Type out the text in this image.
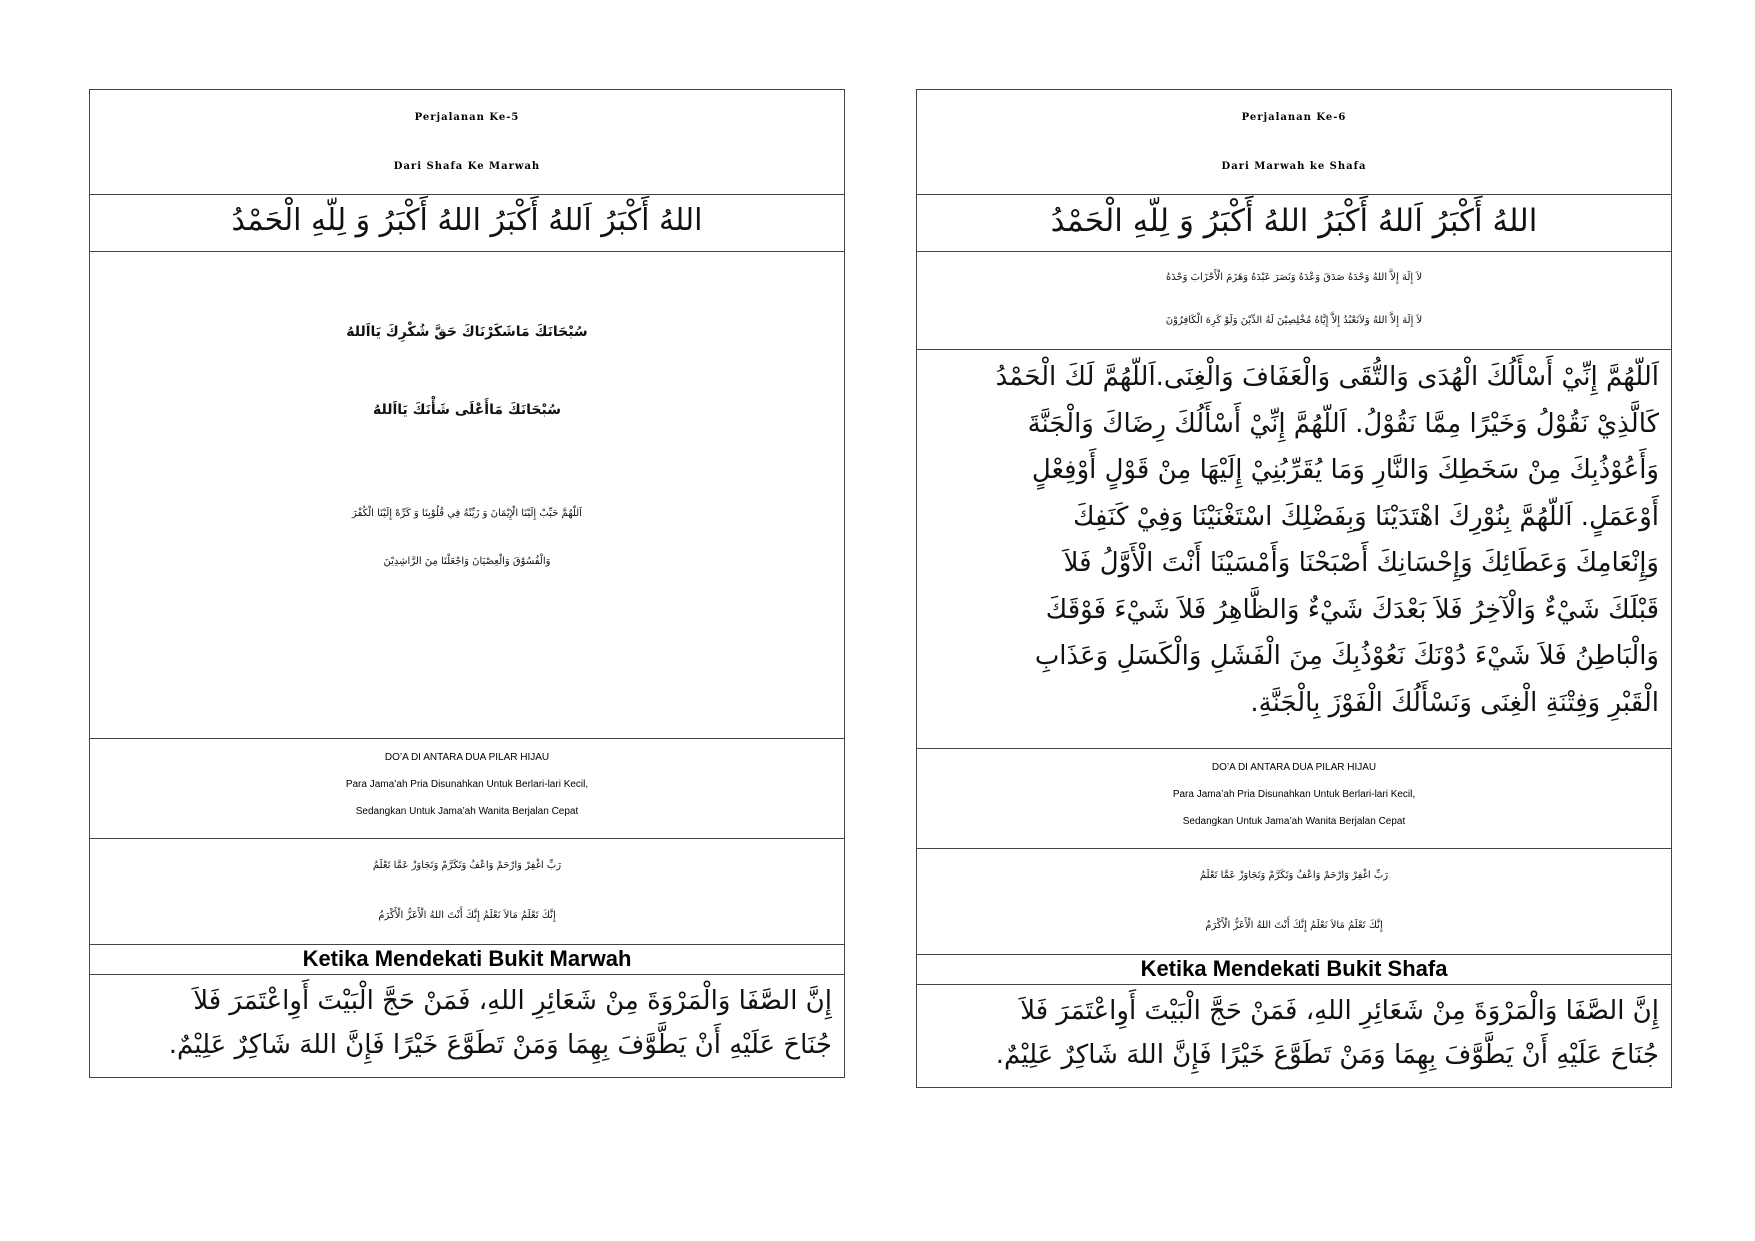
Perjalanan Ke-5
Dari Shafa Ke Marwah
اللهُ أَكْبَرُ اَللهُ أَكْبَرُ اللهُ أَكْبَرُ وَ لِلّهِ الْحَمْدُ
سُبْحَانَكَ مَاشَكَرْنَاكَ حَقَّ شُكْرِكَ يَااَللهُ
سُبْحَانَكَ مَاأَعْلَى شَأْنَكَ يَااَللهُ
اَللّهُمَّ حَبِّبْ إِلَيْنَا الْإِيْمَانَ وَ زَيِّنْهُ فِي قُلُوْبِنَا وَ كَرِّهْ إِلَيْنَا الْكُفْرَ
وَالْفُسُوْقَ وَالْعِصْيَانَ وَاجْعَلْنَا مِنَ الرَّاشِدِيْنَ
DO’A DI ANTARA DUA PILAR HIJAU
Para Jama’ah Pria Disunahkan Untuk Berlari-lari Kecil,
Sedangkan Untuk Jama’ah Wanita Berjalan Cepat
رَبِّ اغْفِرْ وَارْحَمْ وَاعْفُ وَتَكَرَّمْ وَتَجَاوَزْ عَمَّا تَعْلَمُ
إِنَّكَ تَعْلَمُ مَالاَ نَعْلَمُ إِنَّكَ أَنْتَ اللهُ الْأَعَزُّ الْأَكْرَمُ
Ketika Mendekati Bukit Marwah
إِنَّ الصَّفَا وَالْمَرْوَةَ مِنْ شَعَائِرِ اللهِ، فَمَنْ حَجَّ الْبَيْتَ أَوِاعْتَمَرَ فَلاَ
جُنَاحَ عَلَيْهِ أَنْ يَطَّوَّفَ بِهِمَا وَمَنْ تَطَوَّعَ خَيْرًا فَإِنَّ اللهَ شَاكِرٌ عَلِيْمٌ.
Perjalanan Ke-6
Dari Marwah ke Shafa
اللهُ أَكْبَرُ اَللهُ أَكْبَرُ اللهُ أَكْبَرُ وَ لِلّهِ الْحَمْدُ
لاَ إِلَهَ إِلاَّ اللهُ وَحْدَهُ صَدَقَ وَعْدَهُ وَنَصَرَ عَبْدَهُ وَهَزَمَ الْأَحْزَابَ وَحْدَهُ
لاَ إِلَهَ إِلاَّ اللهُ وَلاَنَعْبُدُ إِلاَّ إِيَّاهُ مُخْلِصِيْنَ لَهُ الدِّيْنَ وَلَوْ كَرِهَ الْكَافِرُوْنَ
اَللّهُمَّ إِنِّيْ أَسْأَلُكَ الْهُدَى وَالتُّقَى وَالْعَفَافَ وَالْغِنَى.اَللّهُمَّ لَكَ الْحَمْدُ
كَالَّذِيْ نَقُوْلُ وَخَيْرًا مِمَّا نَقُوْلُ. اَللّهُمَّ إِنِّيْ أَسْأَلُكَ رِضَاكَ وَالْجَنَّةَ
وَأَعُوْذُبِكَ مِنْ سَخَطِكَ وَالنَّارِ وَمَا يُقَرِّبُنِيْ إِلَيْهَا مِنْ قَوْلٍ أَوْفِعْلٍ
أَوْعَمَلٍ. اَللّهُمَّ بِنُوْرِكَ اهْتَدَيْنَا وَبِفَضْلِكَ اسْتَغْنَيْنَا وَفِيْ كَنَفِكَ
وَإِنْعَامِكَ وَعَطَائِكَ وَإِحْسَانِكَ أَصْبَحْنَا وَأَمْسَيْنَا أَنْتَ الْأَوَّلُ فَلاَ
قَبْلَكَ شَيْءٌ وَالْآخِرُ فَلاَ بَعْدَكَ شَيْءٌ وَالظَّاهِرُ فَلاَ شَيْءَ فَوْقَكَ
وَالْبَاطِنُ فَلاَ شَيْءَ دُوْنَكَ نَعُوْذُبِكَ مِنَ الْفَشَلِ وَالْكَسَلِ وَعَذَابِ
الْقَبْرِ وَفِتْنَةِ الْغِنَى وَنَسْأَلُكَ الْفَوْزَ بِالْجَنَّةِ.
DO’A DI ANTARA DUA PILAR HIJAU
Para Jama’ah Pria Disunahkan Untuk Berlari-lari Kecil,
Sedangkan Untuk Jama’ah Wanita Berjalan Cepat
رَبِّ اغْفِرْ وَارْحَمْ وَاعْفُ وَتَكَرَّمْ وَتَجَاوَزْ عَمَّا تَعْلَمُ
إِنَّكَ تَعْلَمُ مَالاَ نَعْلَمُ إِنَّكَ أَنْتَ اللهُ الْأَعَزُّ الْأَكْرَمُ
Ketika Mendekati Bukit Shafa
إِنَّ الصَّفَا وَالْمَرْوَةَ مِنْ شَعَائِرِ اللهِ، فَمَنْ حَجَّ الْبَيْتَ أَوِاعْتَمَرَ فَلاَ
جُنَاحَ عَلَيْهِ أَنْ يَطَّوَّفَ بِهِمَا وَمَنْ تَطَوَّعَ خَيْرًا فَإِنَّ اللهَ شَاكِرٌ عَلِيْمٌ.
